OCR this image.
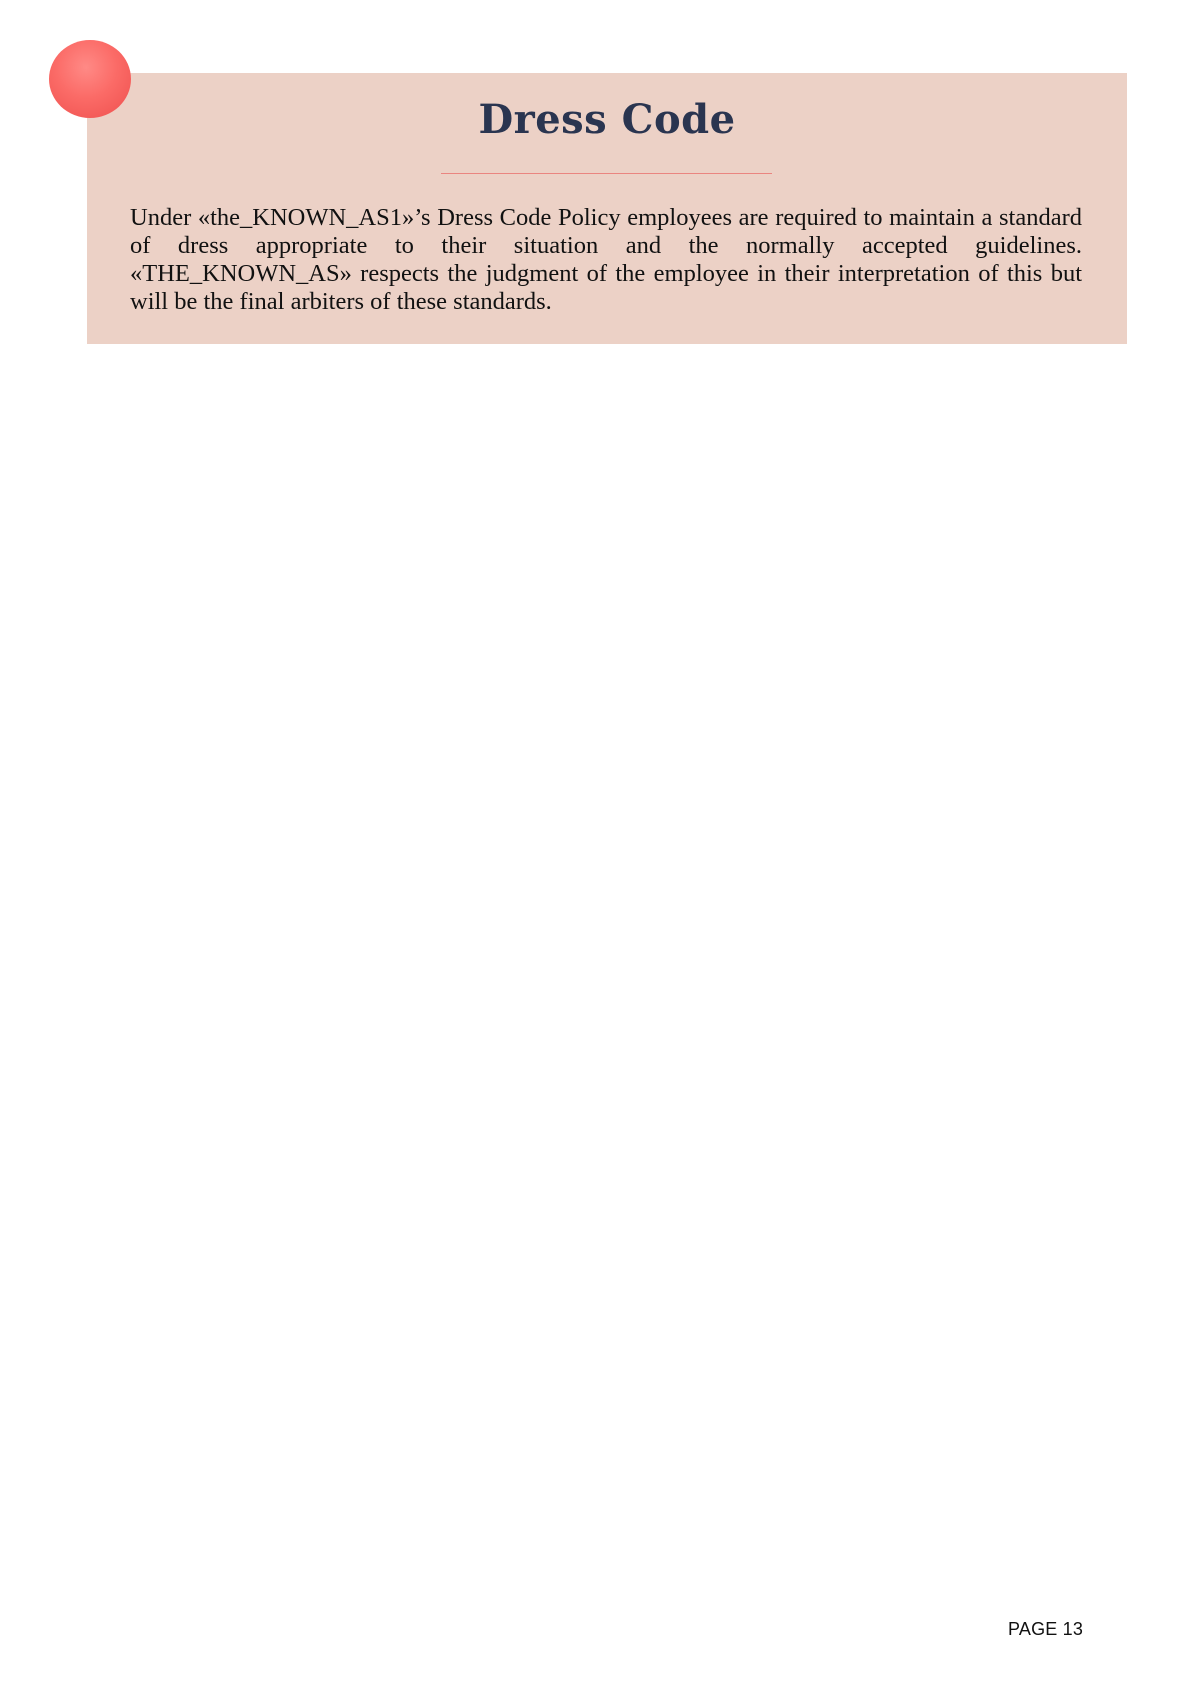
Dress Code

Under «the_KNOWN_AS1»’s Dress Code Policy employees are required to maintain a standard of dress appropriate to their situation and the normally accepted guidelines. «THE_KNOWN_AS» respects the judgment of the employee in their interpretation of this but will be the final arbiters of these standards.

PAGE 13
